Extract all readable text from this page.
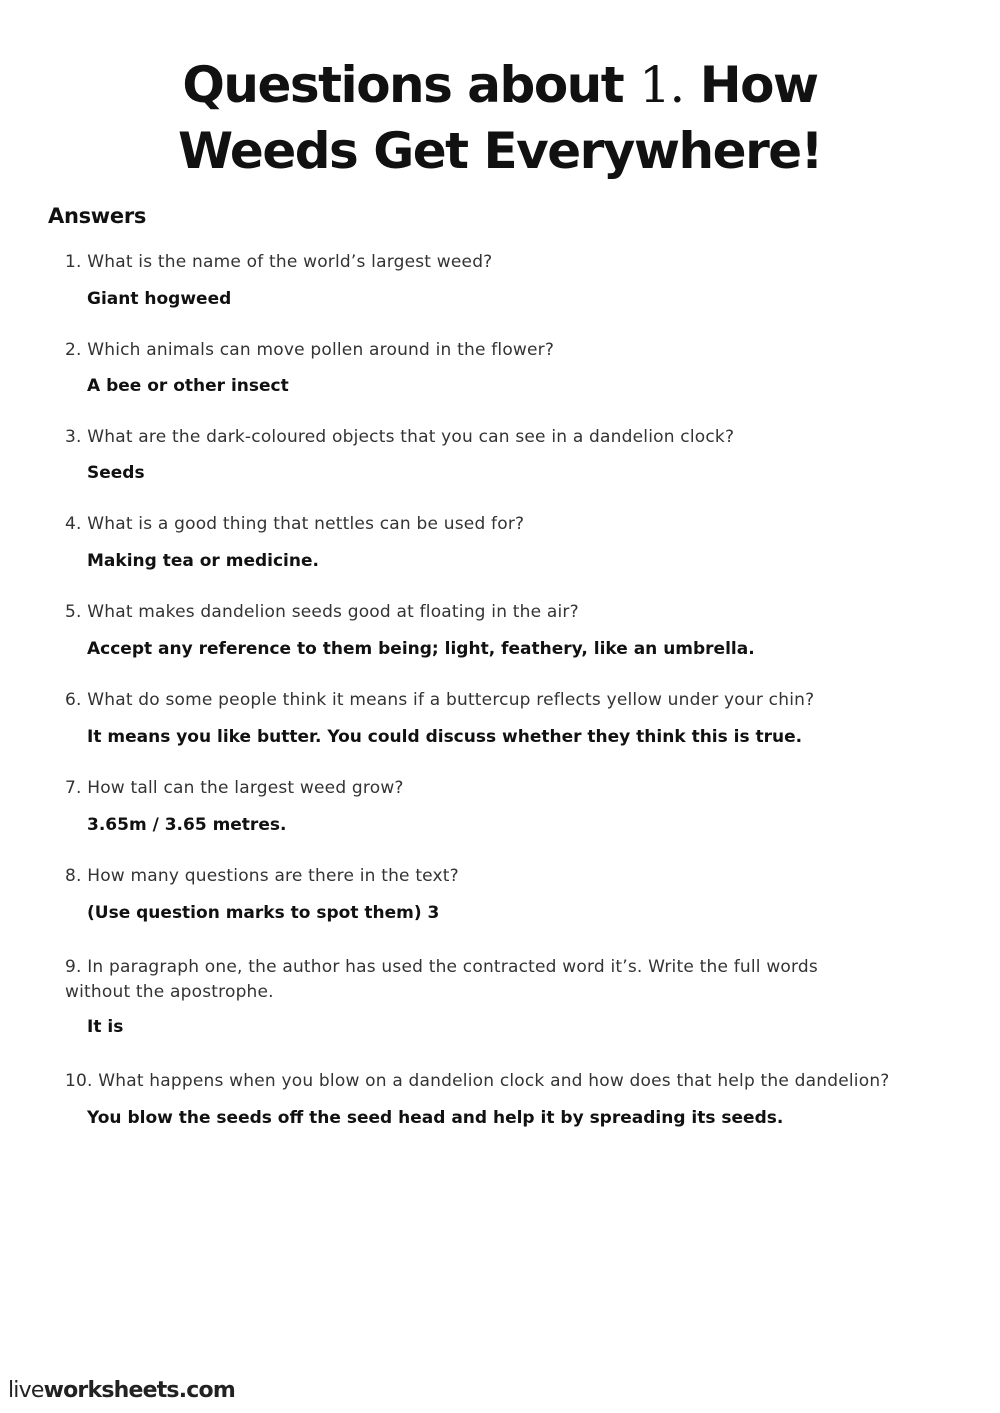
Questions about 1. How
Weeds Get Everywhere!
Answers
1. What is the name of the world’s largest weed?
Giant hogweed
2. Which animals can move pollen around in the flower?
A bee or other insect
3. What are the dark-coloured objects that you can see in a dandelion clock?
Seeds
4. What is a good thing that nettles can be used for?
Making tea or medicine.
5. What makes dandelion seeds good at floating in the air?
Accept any reference to them being; light, feathery, like an umbrella.
6. What do some people think it means if a buttercup reflects yellow under your chin?
It means you like butter. You could discuss whether they think this is true.
7. How tall can the largest weed grow?
3.65m / 3.65 metres.
8. How many questions are there in the text?
(Use question marks to spot them) 3
9. In paragraph one, the author has used the contracted word it’s. Write the full words without the apostrophe.
It is
10. What happens when you blow on a dandelion clock and how does that help the dandelion?
You blow the seeds off the seed head and help it by spreading its seeds.
liveworksheets.com
